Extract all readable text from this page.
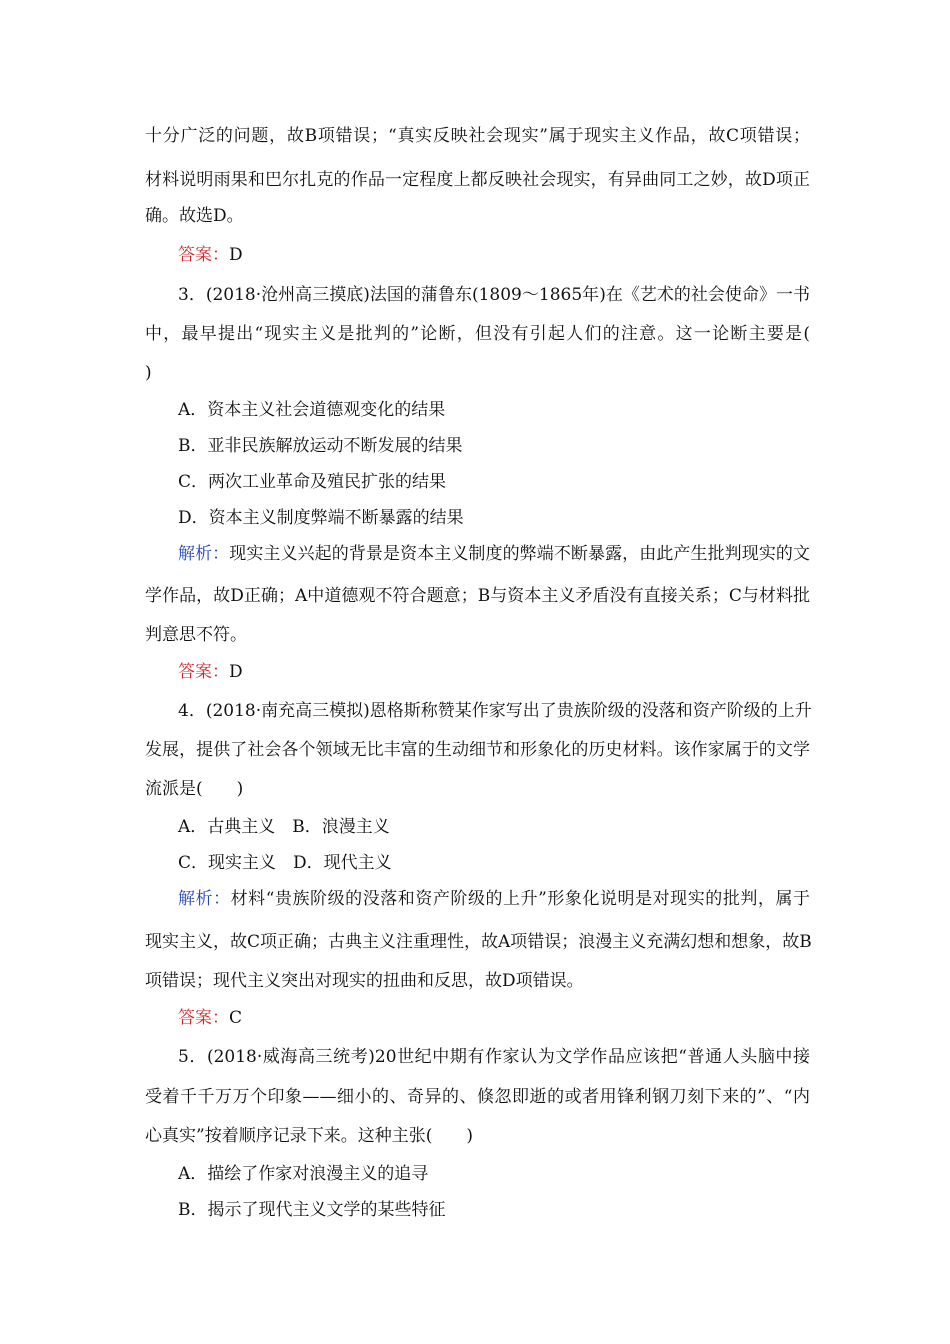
十分广泛的问题，故B项错误；“真实反映社会现实”属于现实主义作品，故C项错误；
材料说明雨果和巴尔扎克的作品一定程度上都反映社会现实，有异曲同工之妙，故D项正
确。故选D。
答案：D
3．(2018·沧州高三摸底)法国的蒲鲁东(1809～1865年)在《艺术的社会使命》一书
中，最早提出“现实主义是批判的”论断，但没有引起人们的注意。这一论断主要是(
)
A．资本主义社会道德观变化的结果
B．亚非民族解放运动不断发展的结果
C．两次工业革命及殖民扩张的结果
D．资本主义制度弊端不断暴露的结果
解析：现实主义兴起的背景是资本主义制度的弊端不断暴露，由此产生批判现实的文
学作品，故D正确；A中道德观不符合题意；B与资本主义矛盾没有直接关系；C与材料批
判意思不符。
答案：D
4．(2018·南充高三模拟)恩格斯称赞某作家写出了贵族阶级的没落和资产阶级的上升
发展，提供了社会各个领域无比丰富的生动细节和形象化的历史材料。该作家属于的文学
流派是(　　)
A．古典主义　B．浪漫主义
C．现实主义　D．现代主义
解析：材料“贵族阶级的没落和资产阶级的上升”形象化说明是对现实的批判，属于
现实主义，故C项正确；古典主义注重理性，故A项错误；浪漫主义充满幻想和想象，故B
项错误；现代主义突出对现实的扭曲和反思，故D项错误。
答案：C
5．(2018·威海高三统考)20世纪中期有作家认为文学作品应该把“普通人头脑中接
受着千千万万个印象——细小的、奇异的、倏忽即逝的或者用锋利钢刀刻下来的”、“内
心真实”按着顺序记录下来。这种主张(　　)
A．描绘了作家对浪漫主义的追寻
B．揭示了现代主义文学的某些特征
